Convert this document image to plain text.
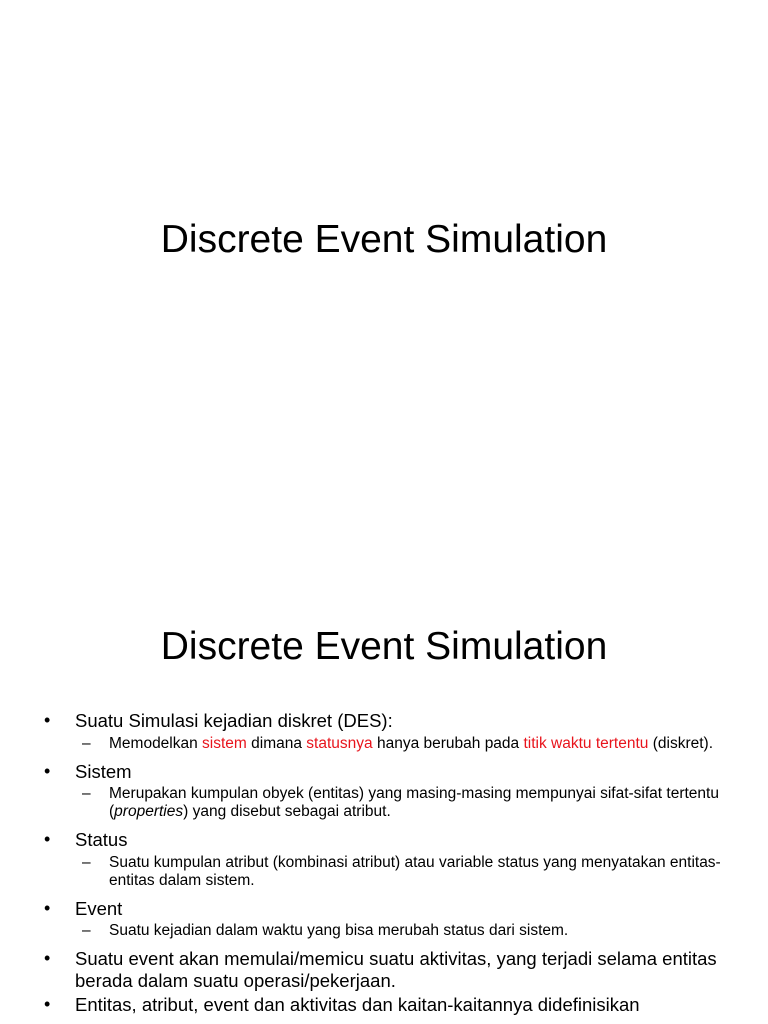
Discrete Event Simulation
Discrete Event Simulation
• Suatu Simulasi kejadian diskret (DES):
– Memodelkan sistem dimana statusnya hanya berubah pada titik waktu tertentu (diskret).
• Sistem
– Merupakan kumpulan obyek (entitas) yang masing-masing mempunyai sifat-sifat tertentu (properties) yang disebut sebagai atribut.
• Status
– Suatu kumpulan atribut (kombinasi atribut) atau variable status yang menyatakan entitas-entitas dalam sistem.
• Event
– Suatu kejadian dalam waktu yang bisa merubah status dari sistem.
• Suatu event akan memulai/memicu suatu aktivitas, yang terjadi selama entitas berada dalam suatu operasi/pekerjaan.
• Entitas, atribut, event dan aktivitas dan kaitan-kaitannya didefinisikan
